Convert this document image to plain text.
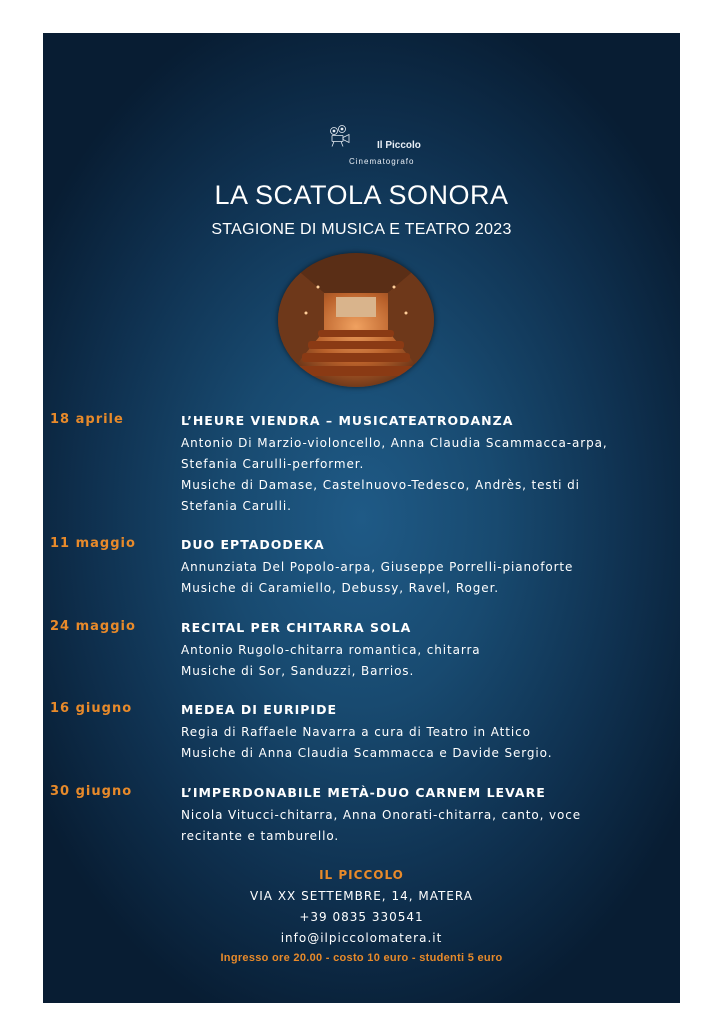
Il Piccolo
Cinematografo
LA SCATOLA SONORA
STAGIONE DI MUSICA E TEATRO 2023
18 aprile	L’HEURE VIENDRA – MUSICATEATRODANZA
Antonio Di Marzio-violoncello, Anna Claudia Scammacca-arpa,
Stefania Carulli-performer.
Musiche di Damase, Castelnuovo-Tedesco, Andrès, testi di
Stefania Carulli.
11 maggio	DUO EPTADODEKA
Annunziata Del Popolo-arpa, Giuseppe Porrelli-pianoforte
Musiche di Caramiello, Debussy, Ravel, Roger.
24 maggio	RECITAL PER CHITARRA SOLA
Antonio Rugolo-chitarra romantica, chitarra
Musiche di Sor, Sanduzzi, Barrios.
16 giugno	MEDEA DI EURIPIDE
Regia di Raffaele Navarra a cura di Teatro in Attico
Musiche di Anna Claudia Scammacca e Davide Sergio.
30 giugno	L’IMPERDONABILE METÀ-DUO CARNEM LEVARE
Nicola Vitucci-chitarra, Anna Onorati-chitarra, canto, voce
recitante e tamburello.
IL PICCOLO
VIA XX SETTEMBRE, 14, MATERA
+39 0835 330541
info@ilpiccolomatera.it
Ingresso ore 20.00 - costo 10 euro - studenti 5 euro
